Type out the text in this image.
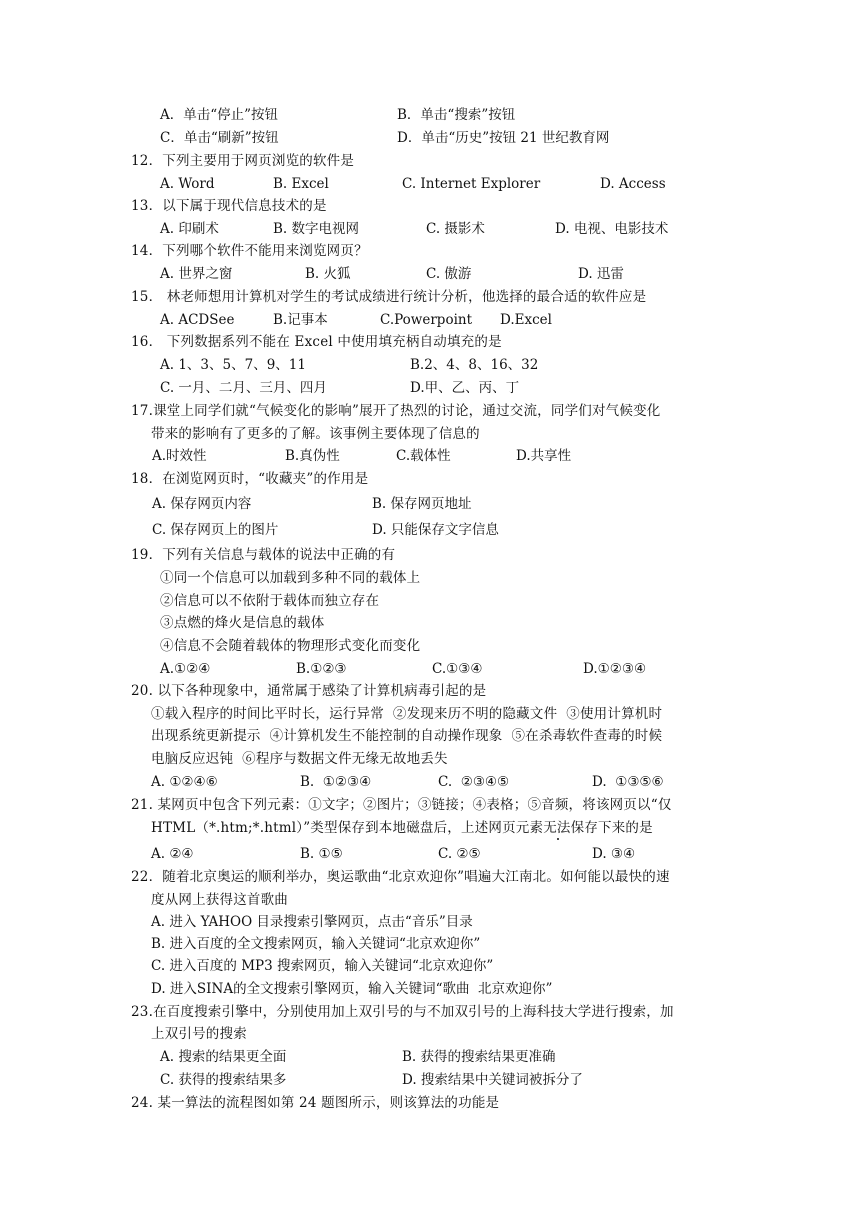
A．单击“停止”按钮	B．单击“搜索”按钮
C．单击“刷新”按钮	D．单击“历史”按钮 21 世纪教育网
12．下列主要用于网页浏览的软件是
A. Word	B. Excel	C. Internet Explorer	D. Access
13．以下属于现代信息技术的是
A. 印刷术	B. 数字电视网	C. 摄影术	D. 电视、电影技术
14．下列哪个软件不能用来浏览网页？
A. 世界之窗	B. 火狐	C. 傲游	D. 迅雷
15． 林老师想用计算机对学生的考试成绩进行统计分析，他选择的最合适的软件应是
A. ACDSee	B.记事本	C.Powerpoint D.Excel
16． 下列数据系列不能在 Excel 中使用填充柄自动填充的是
A. 1、3、5、7、9、11	B.2、4、8、16、32
C. 一月、二月、三月、四月	D.甲、乙、丙、丁
17.课堂上同学们就“气候变化的影响”展开了热烈的讨论，通过交流，同学们对气候变化
带来的影响有了更多的了解。该事例主要体现了信息的
A.时效性	B.真伪性	C.载体性	D.共享性
18．在浏览网页时，“收藏夹”的作用是
A. 保存网页内容	B. 保存网页地址
C. 保存网页上的图片	D. 只能保存文字信息
19．下列有关信息与载体的说法中正确的有
①同一个信息可以加载到多种不同的载体上
②信息可以不依附于载体而独立存在
③点燃的烽火是信息的载体
④信息不会随着载体的物理形式变化而变化
A.①②④	B.①②③	C.①③④	D.①②③④
20. 以下各种现象中，通常属于感染了计算机病毒引起的是
①载入程序的时间比平时长，运行异常  ②发现来历不明的隐藏文件  ③使用计算机时
出现系统更新提示  ④计算机发生不能控制的自动操作现象  ⑤在杀毒软件查毒的时候
电脑反应迟钝  ⑥程序与数据文件无缘无故地丢失
A. ①②④⑥	B.  ①②③④	C.  ②③④⑤	D.  ①③⑤⑥
21. 某网页中包含下列元素：①文字；②图片；③链接；④表格；⑤音频，将该网页以“仅
HTML（*.htm;*.html）”类型保存到本地磁盘后，上述网页元素无法保存下来的是
A. ②④	B. ①⑤	C. ②⑤	D. ③④
22．随着北京奥运的顺利举办，奥运歌曲“北京欢迎你”唱遍大江南北。如何能以最快的速
度从网上获得这首歌曲
A. 进入 YAHOO 目录搜索引擎网页，点击“音乐”目录
B. 进入百度的全文搜索网页，输入关键词“北京欢迎你”
C. 进入百度的 MP3 搜索网页，输入关键词“北京欢迎你”
D. 进入SINA的全文搜索引擎网页，输入关键词“歌曲  北京欢迎你”
23.在百度搜索引擎中，分别使用加上双引号的与不加双引号的上海科技大学进行搜索，加
上双引号的搜索
A. 搜索的结果更全面	B. 获得的搜索结果更准确
C. 获得的搜索结果多	D. 搜索结果中关键词被拆分了
24. 某一算法的流程图如第 24 题图所示，则该算法的功能是
